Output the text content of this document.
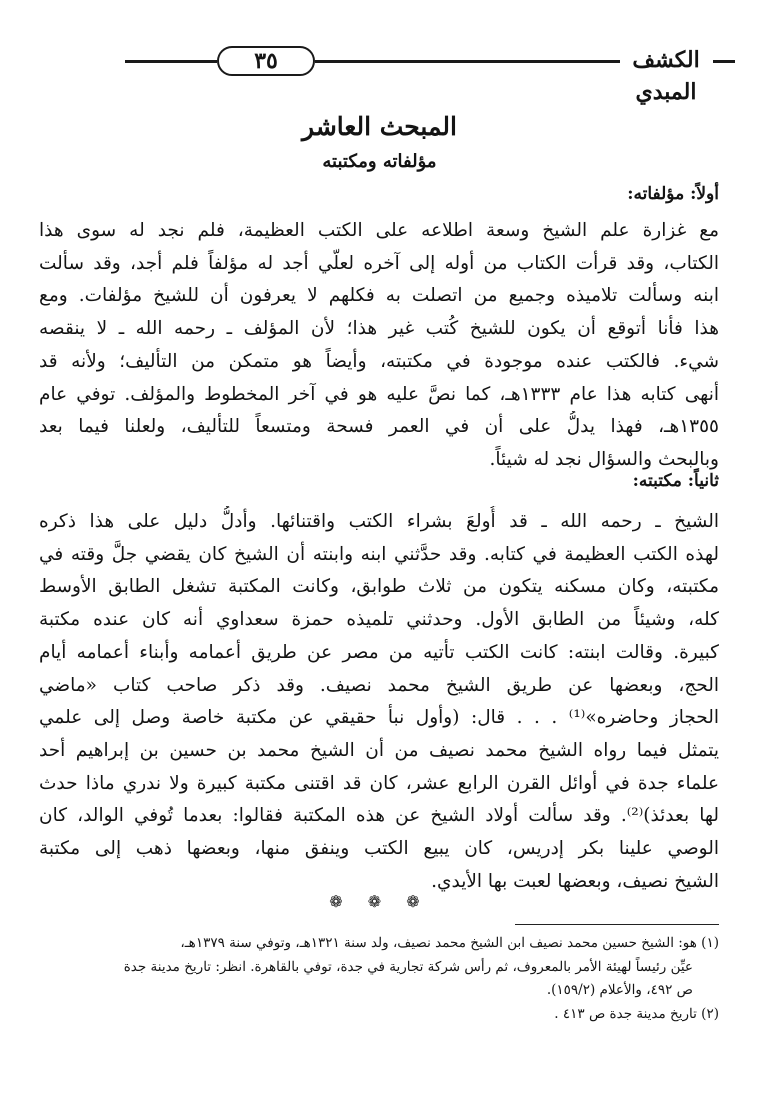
٣٥	الكشف المبدي
المبحث العاشر
مؤلفاته ومكتبته
أولاً: مؤلفاته:
مع غزارة علم الشيخ وسعة اطلاعه على الكتب العظيمة، فلم نجد له سوى هذا
الكتاب، وقد قرأت الكتاب من أوله إلى آخره لعلّي أجد له مؤلفاً فلم أجد، وقد سألت
ابنه وسألت تلاميذه وجميع من اتصلت به فكلهم لا يعرفون أن للشيخ مؤلفات. ومع
هذا فأنا أتوقع أن يكون للشيخ كُتب غير هذا؛ لأن المؤلف ـ رحمه الله ـ لا ينقصه
شيء. فالكتب عنده موجودة في مكتبته، وأيضاً هو متمكن من التأليف؛ ولأنه قد
أنهى كتابه هذا عام ١٣٣٣هـ، كما نصَّ عليه هو في آخر المخطوط والمؤلف. توفي عام
١٣٥٥هـ، فهذا يدلُّ على أن في العمر فسحة ومتسعاً للتأليف، ولعلنا فيما بعد
وبالبحث والسؤال نجد له شيئاً.
ثانياً: مكتبته:
الشيخ ـ رحمه الله ـ قد أُولعَ بشراء الكتب واقتنائها. وأدلُّ دليل على هذا ذكره
لهذه الكتب العظيمة في كتابه. وقد حدَّثني ابنه وابنته أن الشيخ كان يقضي جلَّ وقته في
مكتبته، وكان مسكنه يتكون من ثلاث طوابق، وكانت المكتبة تشغل الطابق الأوسط
كله، وشيئاً من الطابق الأول. وحدثني تلميذه حمزة سعداوي أنه كان عنده مكتبة
كبيرة. وقالت ابنته: كانت الكتب تأتيه من مصر عن طريق أعمامه وأبناء أعمامه أيام
الحج، وبعضها عن طريق الشيخ محمد نصيف. وقد ذكر صاحب كتاب «ماضي
الحجاز وحاضره»⁽¹⁾ . . . قال: (وأول نبأ حقيقي عن مكتبة خاصة وصل إلى علمي
يتمثل فيما رواه الشيخ محمد نصيف من أن الشيخ محمد بن حسين بن إبراهيم أحد
علماء جدة في أوائل القرن الرابع عشر، كان قد اقتنى مكتبة كبيرة ولا ندري ماذا حدث
لها بعدئذ)⁽²⁾. وقد سألت أولاد الشيخ عن هذه المكتبة فقالوا: بعدما تُوفي الوالد، كان
الوصي علينا بكر إدريس، كان يبيع الكتب وينفق منها، وبعضها ذهب إلى مكتبة
الشيخ نصيف، وبعضها لعبت بها الأيدي.
❁ ❁ ❁
(١) هو: الشيخ حسين محمد نصيف ابن الشيخ محمد نصيف، ولد سنة ١٣٢١هـ، وتوفي سنة ١٣٧٩هـ،
عيِّن رئيساً لهيئة الأمر بالمعروف، ثم رأس شركة تجارية في جدة، توفي بالقاهرة. انظر: تاريخ مدينة جدة
ص ٤٩٢، والأعلام (١٥٩/٢).
(٢) تاريخ مدينة جدة ص ٤١٣ .
